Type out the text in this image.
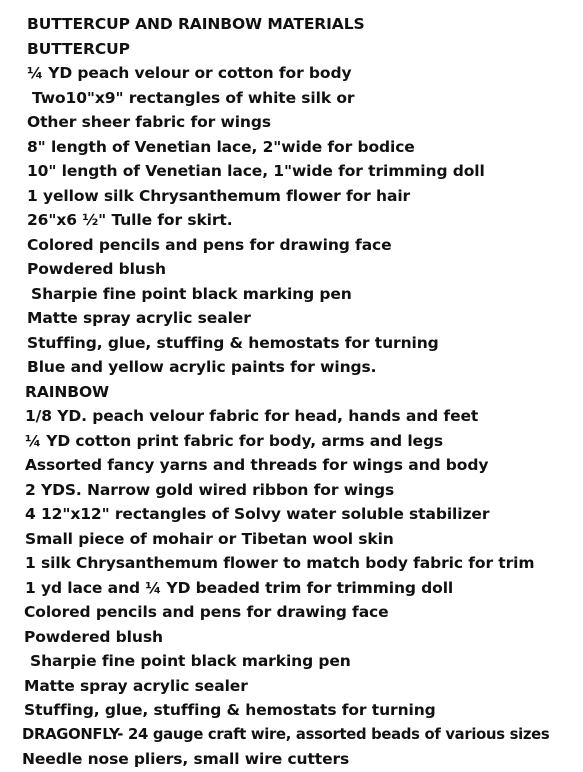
BUTTERCUP AND RAINBOW MATERIALS
BUTTERCUP
¼ YD peach velour or cotton for body
Two10"x9" rectangles of white silk or
Other sheer fabric for wings
8" length of Venetian lace, 2"wide for bodice
10" length of Venetian lace, 1"wide for trimming doll
1 yellow silk Chrysanthemum flower for hair
26"x6 ½" Tulle for skirt.
Colored pencils and pens for drawing face
Powdered blush
Sharpie fine point black marking pen
Matte spray acrylic sealer
Stuffing, glue, stuffing & hemostats for turning
Blue and yellow acrylic paints for wings.
RAINBOW
1/8 YD. peach velour fabric for head, hands and feet
¼ YD cotton print fabric for body, arms and legs
Assorted fancy yarns and threads for wings and body
2 YDS. Narrow gold wired ribbon for wings
4 12"x12" rectangles of Solvy water soluble stabilizer
Small piece of mohair or Tibetan wool skin
1 silk Chrysanthemum flower to match body fabric for trim
1 yd lace and ¼ YD beaded trim for trimming doll
Colored pencils and pens for drawing face
Powdered blush
Sharpie fine point black marking pen
Matte spray acrylic sealer
Stuffing, glue, stuffing & hemostats for turning
DRAGONFLY- 24 gauge craft wire, assorted beads of various sizes
Needle nose pliers, small wire cutters
